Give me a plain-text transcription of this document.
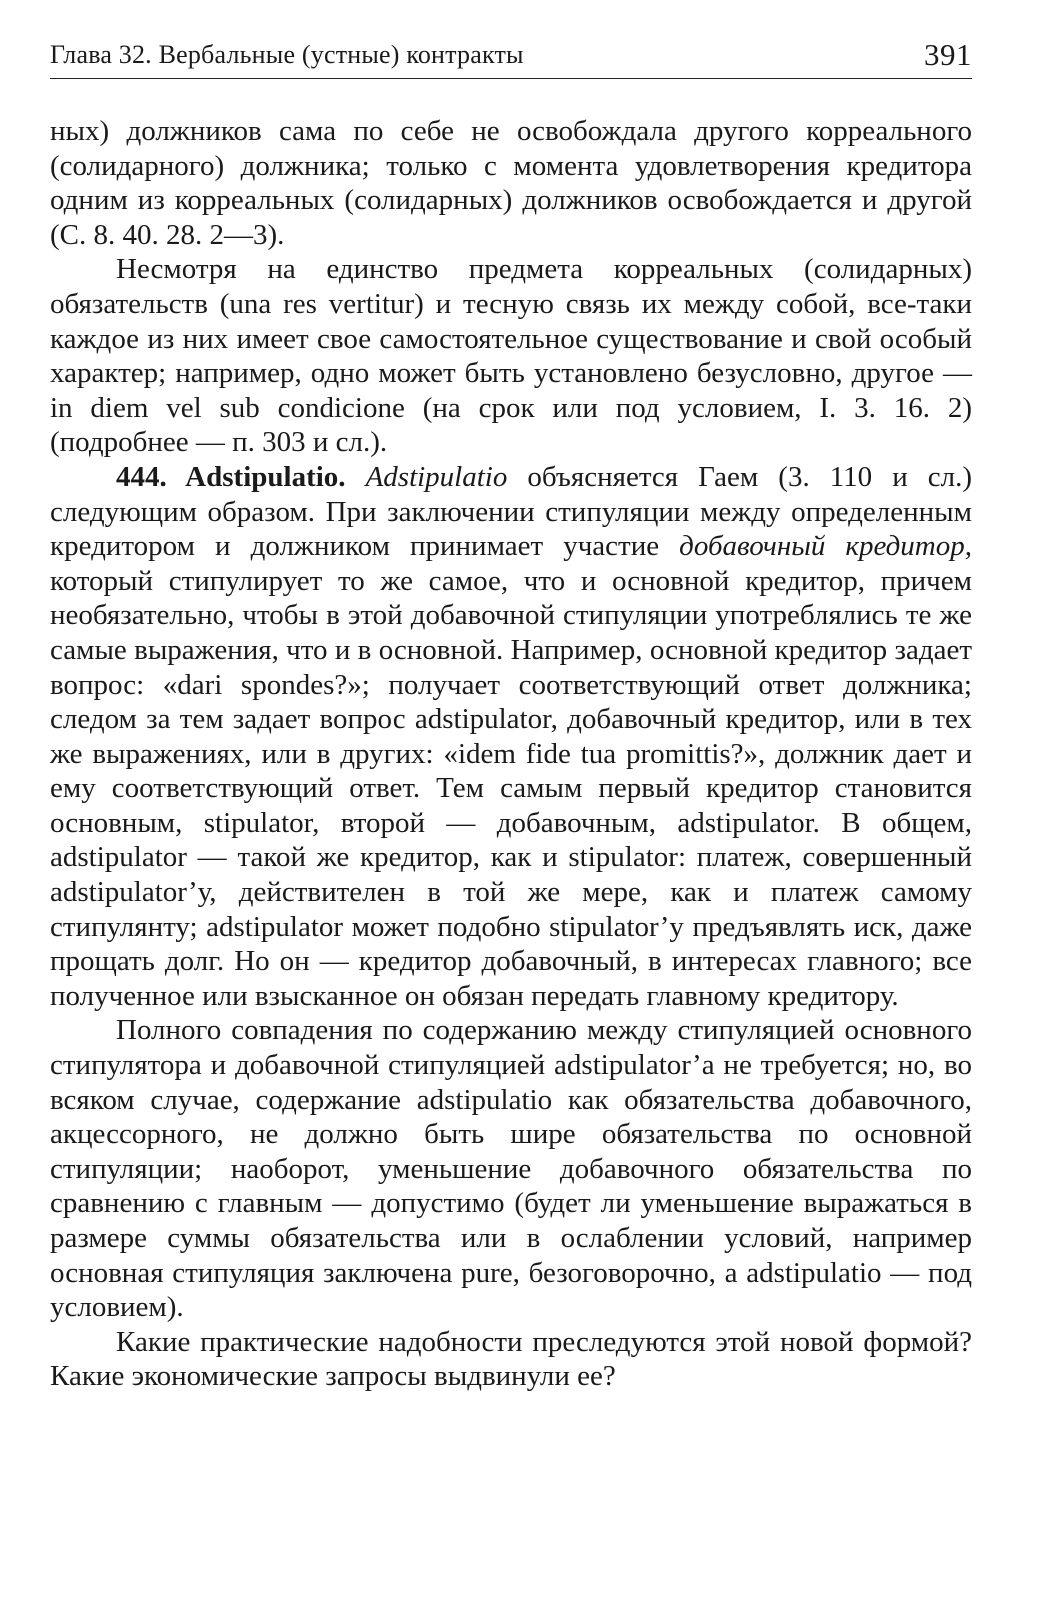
Глава 32. Вербальные (устные) контракты	391

ных) должников сама по себе не освобождала другого корреального (солидарного) должника; только с момента удовлетворения кредитора одним из корреальных (солидарных) должников освобождается и другой (С. 8. 40. 28. 2—3).

Несмотря на единство предмета корреальных (солидарных) обязательств (una res vertitur) и тесную связь их между собой, все-таки каждое из них имеет свое самостоятельное существование и свой особый характер; например, одно может быть установлено безусловно, другое — in diem vel sub condicione (на срок или под условием, I. 3. 16. 2) (подробнее — п. 303 и сл.).

444. Adstipulatio. Adstipulatio объясняется Гаем (3. 110 и сл.) следующим образом. При заключении стипуляции между определенным кредитором и должником принимает участие добавочный кредитор, который стипулирует то же самое, что и основной кредитор, причем необязательно, чтобы в этой добавочной стипуляции употреблялись те же самые выражения, что и в основной. Например, основной кредитор задает вопрос: «dari spondes?»; получает соответствующий ответ должника; следом за тем задает вопрос adstipulator, добавочный кредитор, или в тех же выражениях, или в других: «idem fide tua promittis?», должник дает и ему соответствующий ответ. Тем самым первый кредитор становится основным, stipulator, второй — добавочным, adstipulator. В общем, adstipulator — такой же кредитор, как и stipulator: платеж, совершенный adstipulator’у, действителен в той же мере, как и платеж самому стипулянту; adstipulator может подобно stipulator’у предъявлять иск, даже прощать долг. Но он — кредитор добавочный, в интересах главного; все полученное или взысканное он обязан передать главному кредитору.

Полного совпадения по содержанию между стипуляцией основного стипулятора и добавочной стипуляцией adstipulator’а не требуется; но, во всяком случае, содержание adstipulatio как обязательства добавочного, акцессорного, не должно быть шире обязательства по основной стипуляции; наоборот, уменьшение добавочного обязательства по сравнению с главным — допустимо (будет ли уменьшение выражаться в размере суммы обязательства или в ослаблении условий, например основная стипуляция заключена pure, безоговорочно, а adstipulatio — под условием).

Какие практические надобности преследуются этой новой формой? Какие экономические запросы выдвинули ее?
